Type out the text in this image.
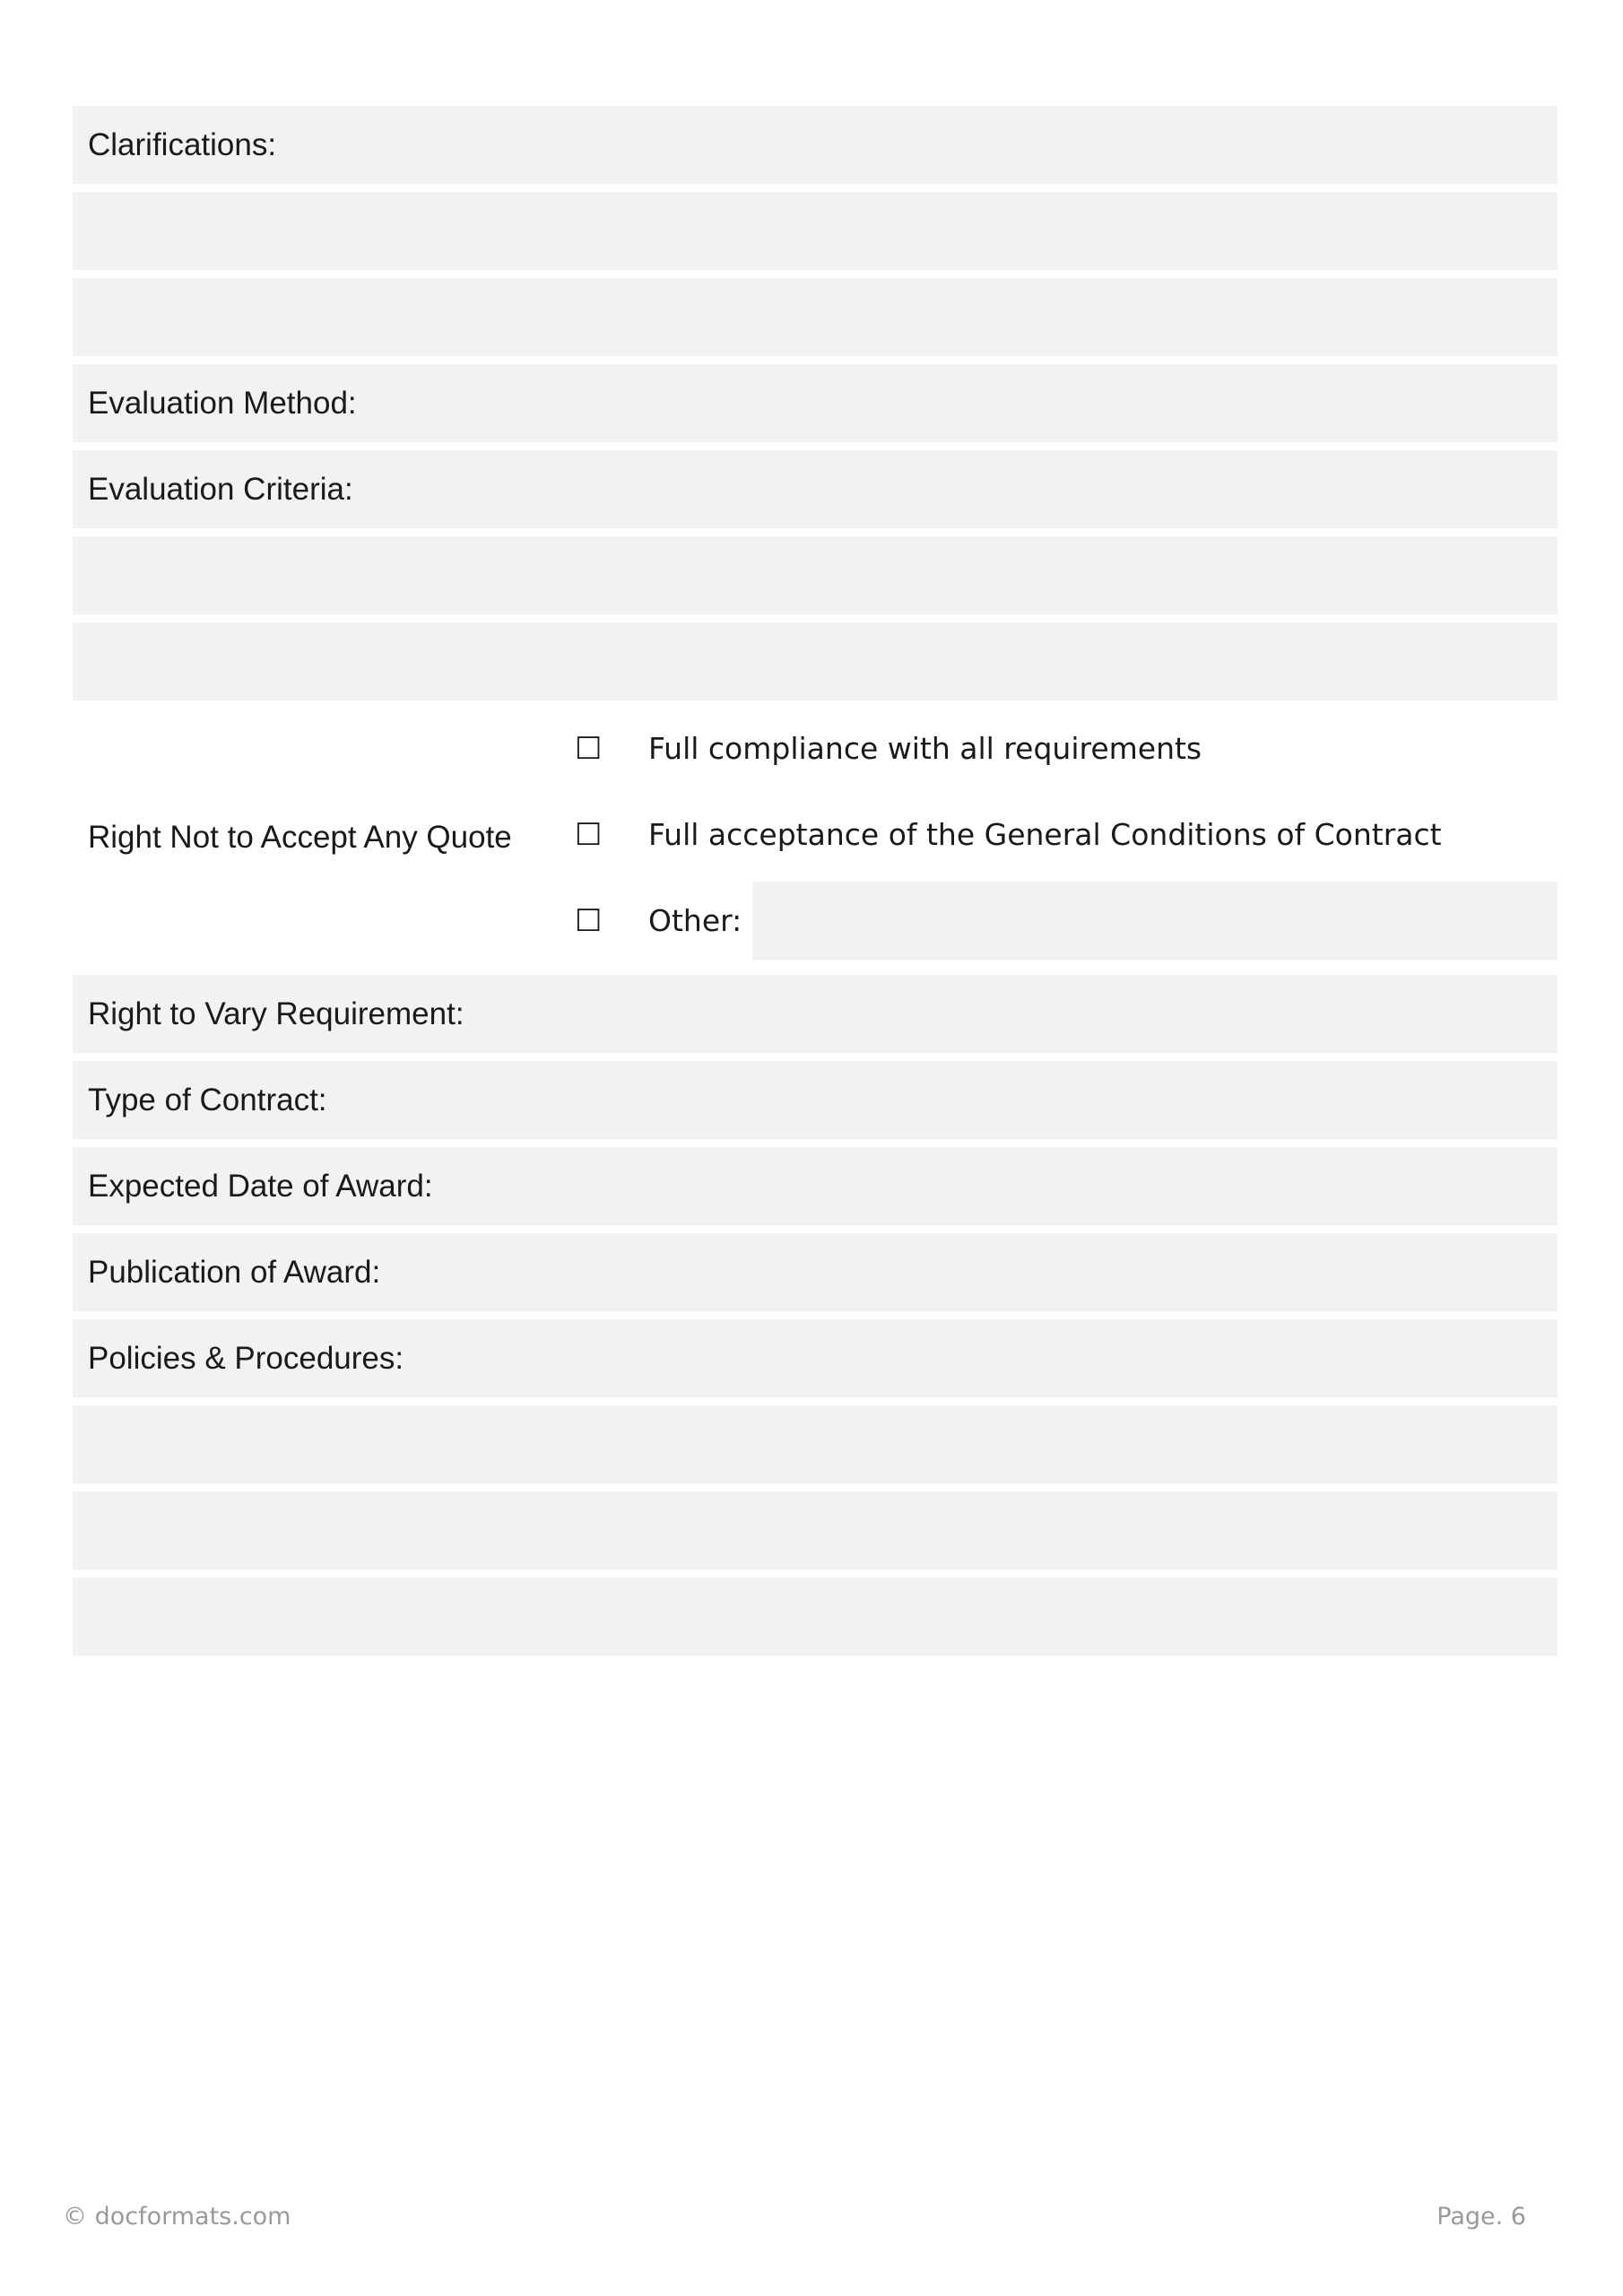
Clarifications:
Evaluation Method:
Evaluation Criteria:
Right Not to Accept Any Quote
☐ Full compliance with all requirements
☐ Full acceptance of the General Conditions of Contract
☐ Other:
Right to Vary Requirement:
Type of Contract:
Expected Date of Award:
Publication of Award:
Policies & Procedures:
© docformats.com	Page. 6
